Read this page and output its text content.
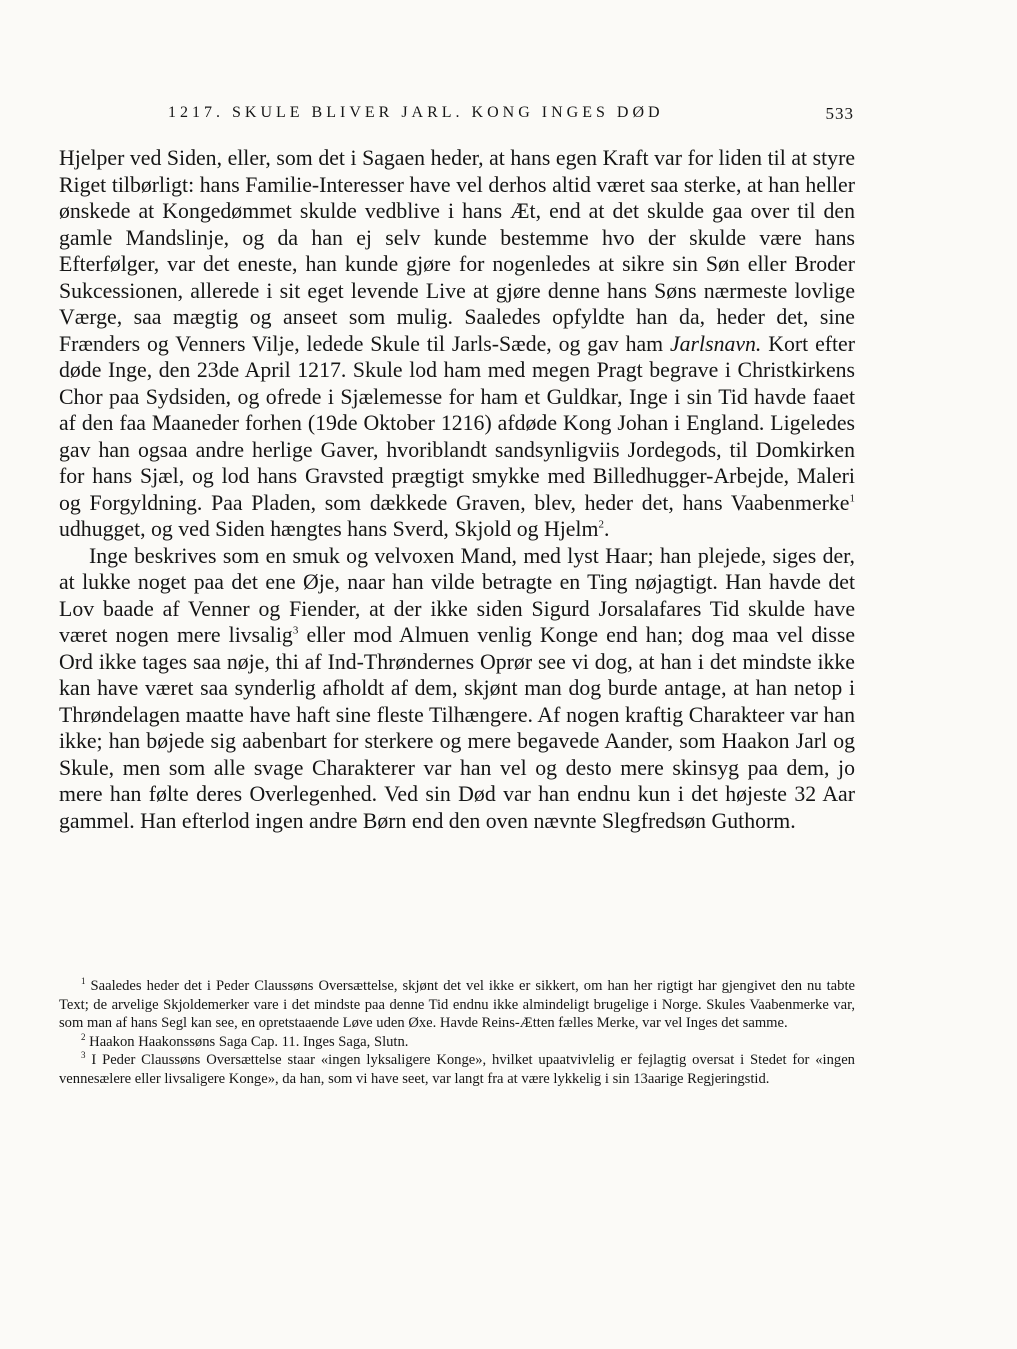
1217. SKULE BLIVER JARL. KONG INGES DØD	533

Hjelper ved Siden, eller, som det i Sagaen heder, at hans egen Kraft var for liden til at styre Riget tilbørligt: hans Familie-Interesser have vel derhos altid været saa sterke, at han heller ønskede at Kongedømmet skulde vedblive i hans Æt, end at det skulde gaa over til den gamle Mandslinje, og da han ej selv kunde bestemme hvo der skulde være hans Efterfølger, var det eneste, han kunde gjøre for nogenledes at sikre sin Søn eller Broder Sukcessionen, allerede i sit eget levende Live at gjøre denne hans Søns nærmeste lovlige Værge, saa mægtig og anseet som mulig. Saaledes opfyldte han da, heder det, sine Frænders og Venners Vilje, ledede Skule til Jarls-Sæde, og gav ham Jarlsnavn. Kort efter døde Inge, den 23de April 1217. Skule lod ham med megen Pragt begrave i Christkirkens Chor paa Sydsiden, og ofrede i Sjælemesse for ham et Guldkar, Inge i sin Tid havde faaet af den faa Maaneder forhen (19de Oktober 1216) afdøde Kong Johan i England. Ligeledes gav han ogsaa andre herlige Gaver, hvoriblandt sandsynligviis Jordegods, til Domkirken for hans Sjæl, og lod hans Gravsted prægtigt smykke med Billedhugger-Arbejde, Maleri og Forgyldning. Paa Pladen, som dækkede Graven, blev, heder det, hans Vaabenmerke$^1$ udhugget, og ved Siden hængtes hans Sverd, Skjold og Hjelm$^2$.

Inge beskrives som en smuk og velvoxen Mand, med lyst Haar; han plejede, siges der, at lukke noget paa det ene Øje, naar han vilde betragte en Ting nøjagtigt. Han havde det Lov baade af Venner og Fiender, at der ikke siden Sigurd Jorsalafares Tid skulde have været nogen mere livsalig$^3$ eller mod Almuen venlig Konge end han; dog maa vel disse Ord ikke tages saa nøje, thi af Ind-Thrøndernes Oprør see vi dog, at han i det mindste ikke kan have været saa synderlig afholdt af dem, skjønt man dog burde antage, at han netop i Thrøndelagen maatte have haft sine fleste Tilhængere. Af nogen kraftig Charakteer var han ikke; han bøjede sig aabenbart for sterkere og mere begavede Aander, som Haakon Jarl og Skule, men som alle svage Charakterer var han vel og desto mere skinsyg paa dem, jo mere han følte deres Overlegenhed. Ved sin Død var han endnu kun i det højeste 32 Aar gammel. Han efterlod ingen andre Børn end den oven nævnte Slegfredsøn Guthorm.

$^1$ Saaledes heder det i Peder Claussøns Oversættelse, skjønt det vel ikke er sikkert, om han her rigtigt har gjengivet den nu tabte Text; de arvelige Skjoldemerker vare i det mindste paa denne Tid endnu ikke almindeligt brugelige i Norge. Skules Vaabenmerke var, som man af hans Segl kan see, en opretstaaende Løve uden Øxe. Havde Reins-Ætten fælles Merke, var vel Inges det samme.

$^2$ Haakon Haakonssøns Saga Cap. 11. Inges Saga, Slutn.

$^3$ I Peder Claussøns Oversættelse staar «ingen lyksaligere Konge», hvilket upaatvivlelig er fejlagtig oversat i Stedet for «ingen vennesælere eller livsaligere Konge», da han, som vi have seet, var langt fra at være lykkelig i sin 13aarige Regjeringstid.
